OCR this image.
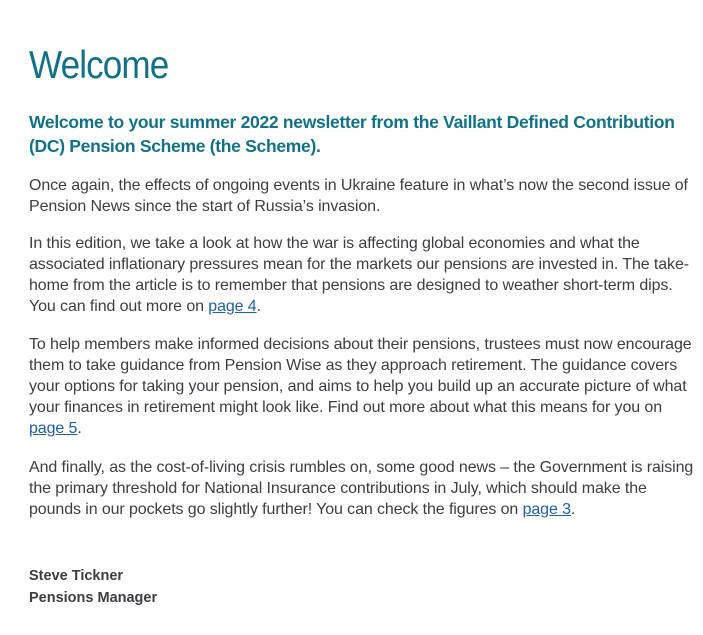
Welcome

Welcome to your summer 2022 newsletter from the Vaillant Defined Contribution (DC) Pension Scheme (the Scheme).

Once again, the effects of ongoing events in Ukraine feature in what’s now the second issue of Pension News since the start of Russia’s invasion.

In this edition, we take a look at how the war is affecting global economies and what the associated inflationary pressures mean for the markets our pensions are invested in. The take-home from the article is to remember that pensions are designed to weather short-term dips. You can find out more on page 4.

To help members make informed decisions about their pensions, trustees must now encourage them to take guidance from Pension Wise as they approach retirement. The guidance covers your options for taking your pension, and aims to help you build up an accurate picture of what your finances in retirement might look like. Find out more about what this means for you on page 5.

And finally, as the cost-of-living crisis rumbles on, some good news – the Government is raising the primary threshold for National Insurance contributions in July, which should make the pounds in our pockets go slightly further! You can check the figures on page 3.

Steve Tickner
Pensions Manager
